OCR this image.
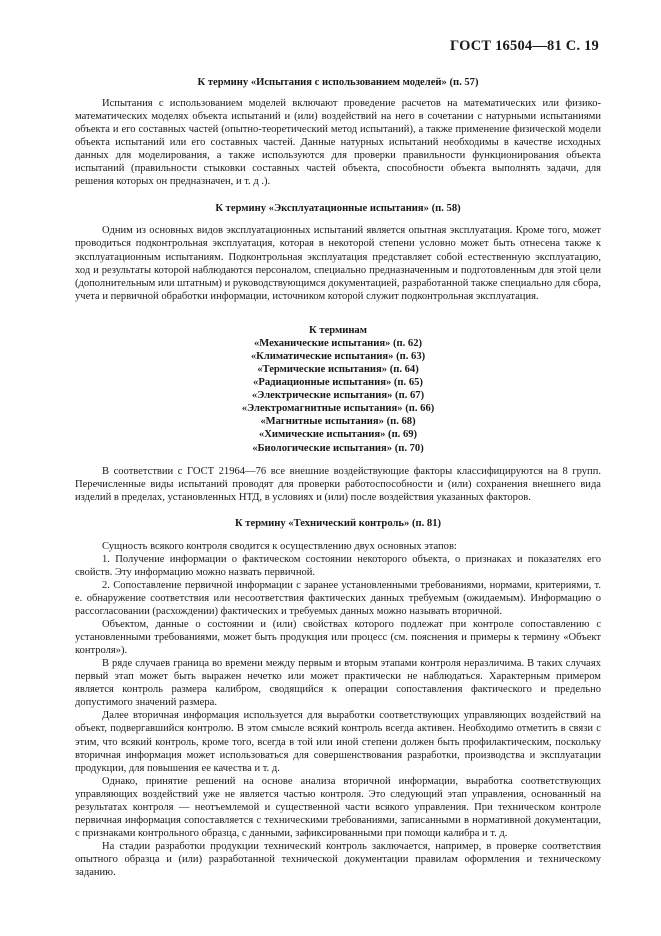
ГОСТ 16504—81 С. 19

К термину «Испытания с использованием моделей» (п. 57)

Испытания с использованием моделей включают проведение расчетов на математических или физико-математических моделях объекта испытаний и (или) воздействий на него в сочетании с натурными испытаниями объекта и его составных частей (опытно-теоретический метод испытаний), а также применение физической модели объекта испытаний или его составных частей. Данные натурных испытаний необходимы в качестве исходных данных для моделирования, а также используются для проверки правильности функционирования объекта испытаний (правильности стыковки составных частей объекта, способности объекта выполнять задачи, для решения которых он предназначен, и т. д .).

К термину «Эксплуатационные испытания» (п. 58)

Одним из основных видов эксплуатационных испытаний является опытная эксплуатация. Кроме того, может проводиться подконтрольная эксплуатация, которая в некоторой степени условно может быть отнесена также к эксплуатационным испытаниям. Подконтрольная эксплуатация представляет собой естественную эксплуатацию, ход и результаты которой наблюдаются персоналом, специально предназначенным и подготовленным для этой цели (дополнительным или штатным) и руководствующимся документацией, разработанной также специально для сбора, учета и первичной обработки информации, источником которой служит подконтрольная эксплуатация.

К терминам
«Механические испытания» (п. 62)
«Климатические испытания» (п. 63)
«Термические испытания» (п. 64)
«Радиационные испытания» (п. 65)
«Электрические испытания» (п. 67)
«Электромагнитные испытания» (п. 66)
«Магнитные испытания» (п. 68)
«Химические испытания» (п. 69)
«Биологические испытания» (п. 70)

В соответствии с ГОСТ 21964—76 все внешние воздействующие факторы классифицируются на 8 групп. Перечисленные виды испытаний проводят для проверки работоспособности и (или) сохранения внешнего вида изделий в пределах, установленных НТД, в условиях и (или) после воздействия указанных факторов.

К термину «Технический контроль» (п. 81)

Сущность всякого контроля сводится к осуществлению двух основных этапов:

1. Получение информации о фактическом состоянии некоторого объекта, о признаках и показателях его свойств. Эту информацию можно назвать первичной.

2. Сопоставление первичной информации с заранее установленными требованиями, нормами, критериями, т. е. обнаружение соответствия или несоответствия фактических данных требуемым (ожидаемым). Информацию о рассогласовании (расхождении) фактических и требуемых данных можно называть вторичной.

Объектом, данные о состоянии и (или) свойствах которого подлежат при контроле сопоставлению с установленными требованиями, может быть продукция или процесс (см. пояснения и примеры к термину «Объект контроля»).

В ряде случаев граница во времени между первым и вторым этапами контроля неразличима. В таких случаях первый этап может быть выражен нечетко или может практически не наблюдаться. Характерным примером является контроль размера калибром, сводящийся к операции сопоставления фактического и предельно допустимого значений размера.

Далее вторичная информация используется для выработки соответствующих управляющих воздействий на объект, подвергавшийся контролю. В этом смысле всякий контроль всегда активен. Необходимо отметить в связи с этим, что всякий контроль, кроме того, всегда в той или иной степени должен быть профилактическим, поскольку вторичная информация может использоваться для совершенствования разработки, производства и эксплуатации продукции, для повышения ее качества и т. д.

Однако, принятие решений на основе анализа вторичной информации, выработка соответствующих управляющих воздействий уже не является частью контроля. Это следующий этап управления, основанный на результатах контроля — неотъемлемой и существенной части всякого управления. При техническом контроле первичная информация сопоставляется с техническими требованиями, записанными в нормативной документации, с признаками контрольного образца, с данными, зафиксированными при помощи калибра и т. д.

На стадии разработки продукции технический контроль заключается, например, в проверке соответствия опытного образца и (или) разработанной технической документации правилам оформления и техническому заданию.
